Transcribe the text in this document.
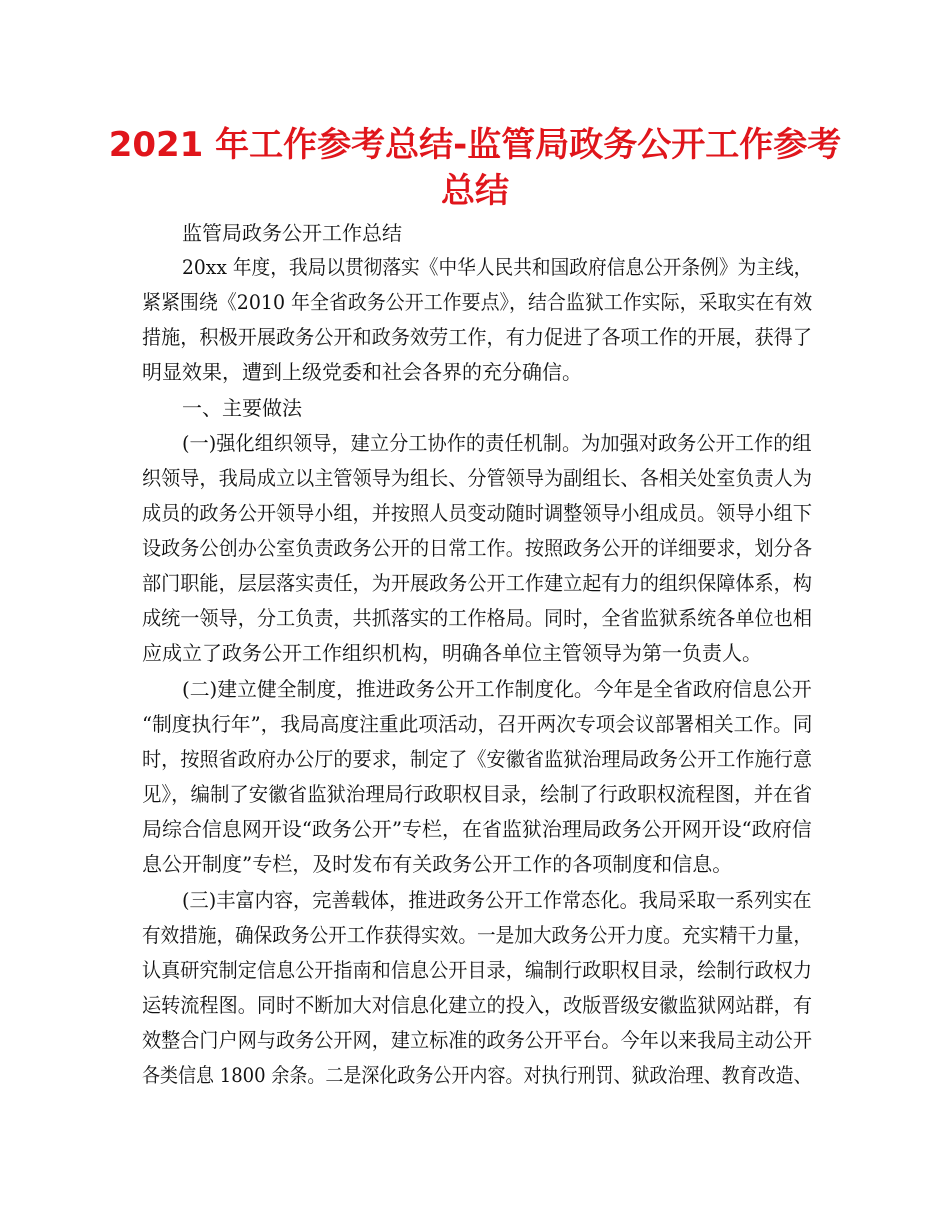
2021 年工作参考总结-监管局政务公开工作参考
总结

监管局政务公开工作总结

20xx 年度，我局以贯彻落实《中华人民共和国政府信息公开条例》为主线，

紧紧围绕《2010 年全省政务公开工作要点》，结合监狱工作实际，采取实在有效

措施，积极开展政务公开和政务效劳工作，有力促进了各项工作的开展，获得了

明显效果，遭到上级党委和社会各界的充分确信。

一、主要做法

(一)强化组织领导，建立分工协作的责任机制。为加强对政务公开工作的组

织领导，我局成立以主管领导为组长、分管领导为副组长、各相关处室负责人为

成员的政务公开领导小组，并按照人员变动随时调整领导小组成员。领导小组下

设政务公创办公室负责政务公开的日常工作。按照政务公开的详细要求，划分各

部门职能，层层落实责任，为开展政务公开工作建立起有力的组织保障体系，构

成统一领导，分工负责，共抓落实的工作格局。同时，全省监狱系统各单位也相

应成立了政务公开工作组织机构，明确各单位主管领导为第一负责人。

(二)建立健全制度，推进政务公开工作制度化。今年是全省政府信息公开

“制度执行年”，我局高度注重此项活动，召开两次专项会议部署相关工作。同

时，按照省政府办公厅的要求，制定了《安徽省监狱治理局政务公开工作施行意

见》，编制了安徽省监狱治理局行政职权目录，绘制了行政职权流程图，并在省

局综合信息网开设“政务公开”专栏，在省监狱治理局政务公开网开设“政府信

息公开制度”专栏，及时发布有关政务公开工作的各项制度和信息。

(三)丰富内容，完善载体，推进政务公开工作常态化。我局采取一系列实在

有效措施，确保政务公开工作获得实效。一是加大政务公开力度。充实精干力量，

认真研究制定信息公开指南和信息公开目录，编制行政职权目录，绘制行政权力

运转流程图。同时不断加大对信息化建立的投入，改版晋级安徽监狱网站群，有

效整合门户网与政务公开网，建立标准的政务公开平台。今年以来我局主动公开

各类信息 1800 余条。二是深化政务公开内容。对执行刑罚、狱政治理、教育改造、
